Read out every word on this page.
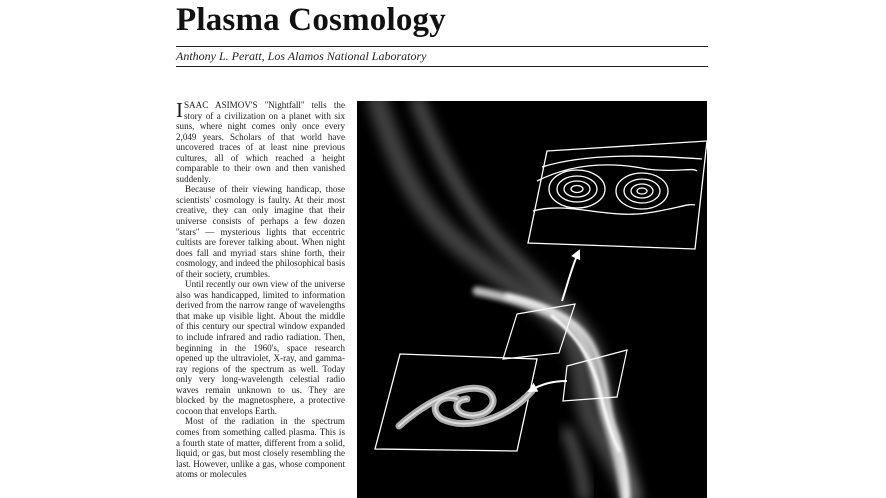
Plasma Cosmology
Anthony L. Peratt, Los Alamos National Laboratory

ISAAC ASIMOV'S ''Nightfall'' tells the story of a civilization on a planet with six suns, where night comes only once every 2,049 years. Scholars of that world have uncovered traces of at least nine previous cultures, all of which reached a height comparable to their own and then vanished suddenly.

Because of their viewing handicap, those scientists' cosmology is faulty. At their most creative, they can only imagine that their universe consists of perhaps a few dozen ''stars'' — mysterious lights that eccentric cultists are forever talking about. When night does fall and myriad stars shine forth, their cosmology, and indeed the philosophical basis of their society, crumbles.

Until recently our own view of the universe also was handicapped, limited to information derived from the narrow range of wavelengths that make up visible light. About the middle of this century our spectral window expanded to include infrared and radio radiation. Then, beginning in the 1960's, space research opened up the ultraviolet, X-ray, and gamma-ray regions of the spectrum as well. Today only very long-wavelength celestial radio waves remain unknown to us. They are blocked by the magnetosphere, a protective cocoon that envelops Earth.

Most of the radiation in the spectrum comes from something called plasma. This is a fourth state of matter, different from a solid, liquid, or gas, but most closely resembling the last. However, unlike a gas, whose component atoms or molecules
